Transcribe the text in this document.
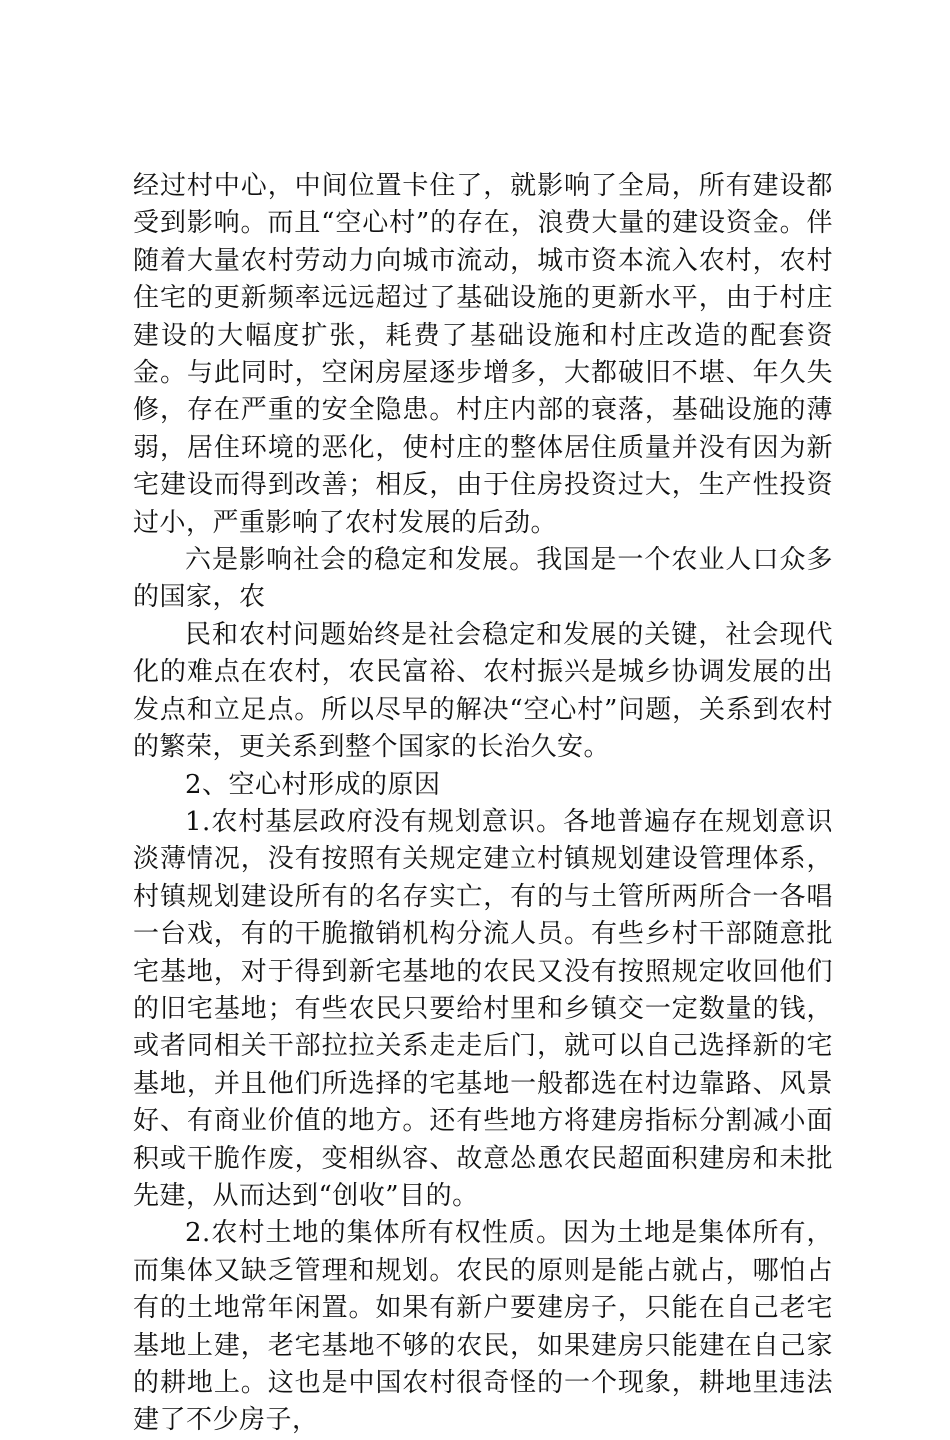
经过村中心，中间位置卡住了，就影响了全局，所有建设都受到影响。而且“空心村”的存在，浪费大量的建设资金。伴随着大量农村劳动力向城市流动，城市资本流入农村，农村住宅的更新频率远远超过了基础设施的更新水平，由于村庄建设的大幅度扩张，耗费了基础设施和村庄改造的配套资金。与此同时，空闲房屋逐步增多，大都破旧不堪、年久失修，存在严重的安全隐患。村庄内部的衰落，基础设施的薄弱，居住环境的恶化，使村庄的整体居住质量并没有因为新宅建设而得到改善；相反，由于住房投资过大，生产性投资过小，严重影响了农村发展的后劲。

六是影响社会的稳定和发展。我国是一个农业人口众多的国家，农

民和农村问题始终是社会稳定和发展的关键，社会现代化的难点在农村，农民富裕、农村振兴是城乡协调发展的出发点和立足点。所以尽早的解决“空心村”问题，关系到农村的繁荣，更关系到整个国家的长治久安。

2、空心村形成的原因

1.农村基层政府没有规划意识。各地普遍存在规划意识淡薄情况，没有按照有关规定建立村镇规划建设管理体系，村镇规划建设所有的名存实亡，有的与土管所两所合一各唱一台戏，有的干脆撤销机构分流人员。有些乡村干部随意批宅基地，对于得到新宅基地的农民又没有按照规定收回他们的旧宅基地；有些农民只要给村里和乡镇交一定数量的钱，或者同相关干部拉拉关系走走后门，就可以自己选择新的宅基地，并且他们所选择的宅基地一般都选在村边靠路、风景好、有商业价值的地方。还有些地方将建房指标分割减小面积或干脆作废，变相纵容、故意怂恿农民超面积建房和未批先建，从而达到“创收”目的。

2.农村土地的集体所有权性质。因为土地是集体所有，而集体又缺乏管理和规划。农民的原则是能占就占，哪怕占有的土地常年闲置。如果有新户要建房子，只能在自己老宅基地上建，老宅基地不够的农民，如果建房只能建在自己家的耕地上。这也是中国农村很奇怪的一个现象，耕地里违法建了不少房子，
